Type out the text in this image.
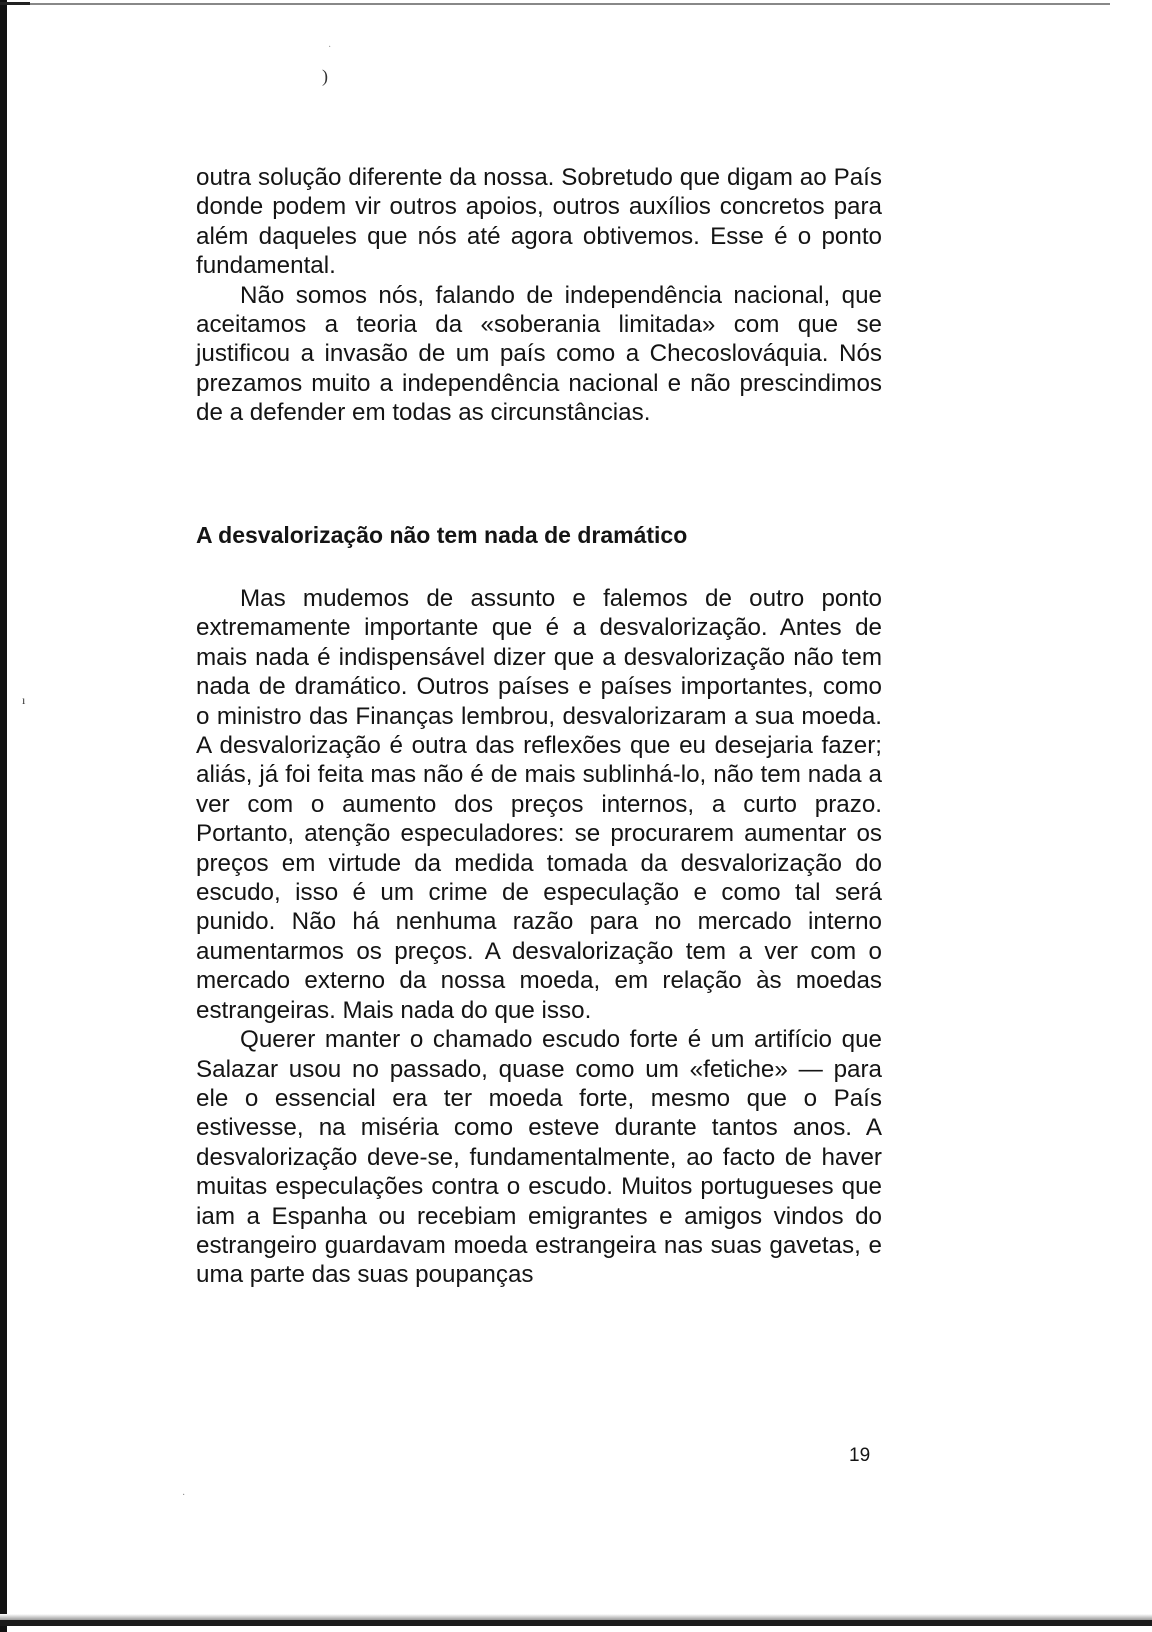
)
·
ı
·

outra solução diferente da nossa. Sobretudo que digam ao País donde podem vir outros apoios, outros auxílios concretos para além daqueles que nós até agora obtivemos. Esse é o ponto fundamental.

Não somos nós, falando de independência nacional, que aceitamos a teoria da «soberania limitada» com que se justificou a invasão de um país como a Checoslováquia. Nós prezamos muito a independência nacional e não prescindimos de a defender em todas as circunstâncias.

A desvalorização não tem nada de dramático

Mas mudemos de assunto e falemos de outro ponto extremamente importante que é a desvalorização. Antes de mais nada é indispensável dizer que a desvalorização não tem nada de dramático. Outros países e países importantes, como o ministro das Finanças lembrou, desvalorizaram a sua moeda. A desvalorização é outra das reflexões que eu desejaria fazer; aliás, já foi feita mas não é de mais sublinhá-lo, não tem nada a ver com o aumento dos preços internos, a curto prazo. Portanto, atenção especuladores: se procurarem aumentar os preços em virtude da medida tomada da desvalorização do escudo, isso é um crime de especulação e como tal será punido. Não há nenhuma razão para no mercado interno aumentarmos os preços. A desvalorização tem a ver com o mercado externo da nossa moeda, em relação às moedas estrangeiras. Mais nada do que isso.

Querer manter o chamado escudo forte é um artifício que Salazar usou no passado, quase como um «fetiche» — para ele o essencial era ter moeda forte, mesmo que o País estivesse, na miséria como esteve durante tantos anos. A desvalorização deve-se, fundamentalmente, ao facto de haver muitas especulações contra o escudo. Muitos portugueses que iam a Espanha ou recebiam emigrantes e amigos vindos do estrangeiro guardavam moeda estrangeira nas suas gavetas, e uma parte das suas poupanças

19
